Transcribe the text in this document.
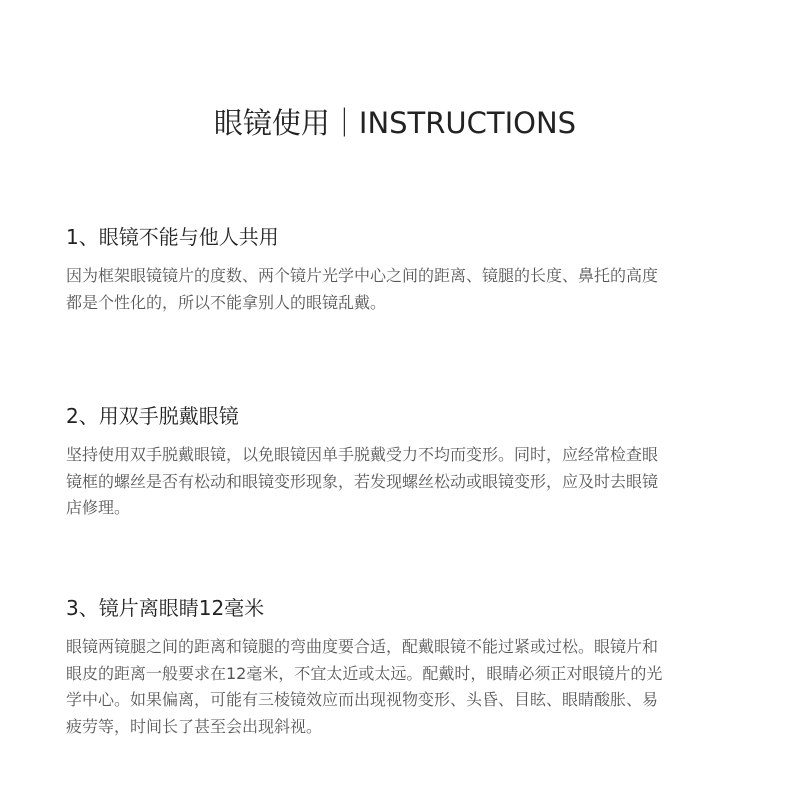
眼镜使用｜INSTRUCTIONS
1、眼镜不能与他人共用
因为框架眼镜镜片的度数、两个镜片光学中心之间的距离、镜腿的长度、鼻托的高度
都是个性化的，所以不能拿别人的眼镜乱戴。
2、用双手脱戴眼镜
坚持使用双手脱戴眼镜，以免眼镜因单手脱戴受力不均而变形。同时，应经常检查眼
镜框的螺丝是否有松动和眼镜变形现象，若发现螺丝松动或眼镜变形，应及时去眼镜
店修理。
3、镜片离眼睛12毫米
眼镜两镜腿之间的距离和镜腿的弯曲度要合适，配戴眼镜不能过紧或过松。眼镜片和
眼皮的距离一般要求在12毫米，不宜太近或太远。配戴时，眼睛必须正对眼镜片的光
学中心。如果偏离，可能有三棱镜效应而出现视物变形、头昏、目眩、眼睛酸胀、易
疲劳等，时间长了甚至会出现斜视。
